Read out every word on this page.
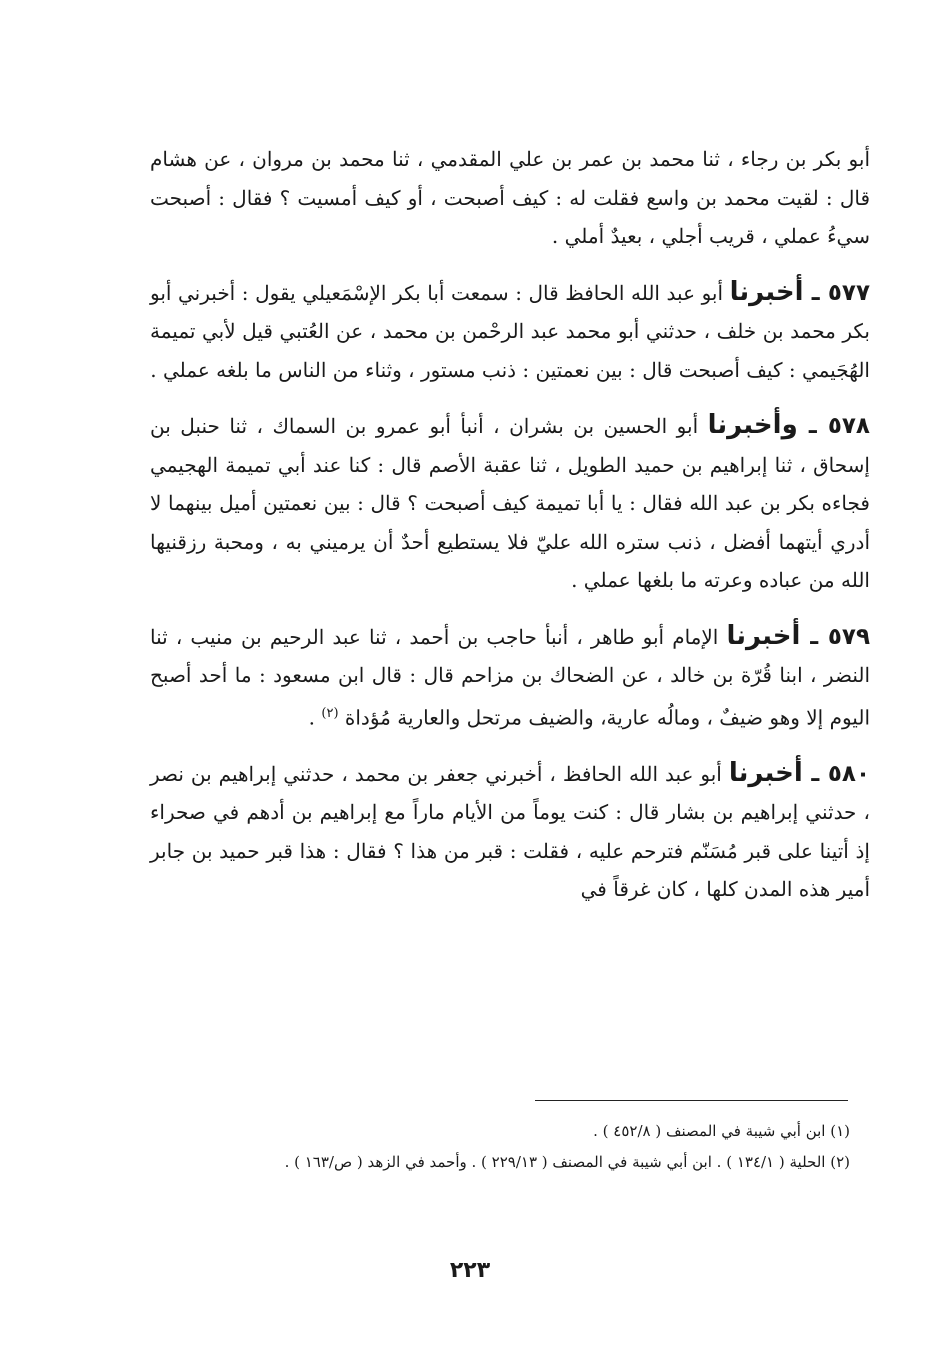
أبو بكر بن رجاء ، ثنا محمد بن عمر بن علي المقدمي ، ثنا محمد بن مروان ، عن هشام قال : لقيت محمد بن واسع فقلت له : كيف أصبحت ، أو كيف أمسيت ؟ فقال : أصبحت سيءُ عملي ، قريب أجلي ، بعيدٌ أملي .

٥٧٧ ـ أخبرنا أبو عبد الله الحافظ قال : سمعت أبا بكر الإسْمَعيلي يقول : أخبرني أبو بكر محمد بن خلف ، حدثني أبو محمد عبد الرحْمن بن محمد ، عن العُتبي قيل لأبي تميمة الهُجَيمي : كيف أصبحت قال : بين نعمتين : ذنب مستور ، وثناء من الناس ما بلغه عملي .

٥٧٨ ـ وأخبرنا أبو الحسين بن بشران ، أنبأ أبو عمرو بن السماك ، ثنا حنبل بن إسحاق ، ثنا إبراهيم بن حميد الطويل ، ثنا عقبة الأصم قال : كنا عند أبي تميمة الهجيمي فجاءه بكر بن عبد الله فقال : يا أبا تميمة كيف أصبحت ؟ قال : بين نعمتين أميل بينهما لا أدري أيتهما أفضل ، ذنب ستره الله عليّ فلا يستطيع أحدٌ أن يرميني به ، ومحبة رزقنيها الله من عباده وعرته ما بلغها عملي .

٥٧٩ ـ أخبرنا الإمام أبو طاهر ، أنبأ حاجب بن أحمد ، ثنا عبد الرحيم بن منيب ، ثنا النضر ، ابنا قُرّة بن خالد ، عن الضحاك بن مزاحم قال : قال ابن مسعود : ما أحد أصبح اليوم إلا وهو ضيفٌ ، ومالُه عارية، والضيف مرتحل والعارية مُؤداة $^{(٢)}$ .

٥٨٠ ـ أخبرنا أبو عبد الله الحافظ ، أخبرني جعفر بن محمد ، حدثني إبراهيم بن نصر ، حدثني إبراهيم بن بشار قال : كنت يوماً من الأيام ماراً مع إبراهيم بن أدهم في صحراء إذ أتينا على قبر مُسَنّم فترحم عليه ، فقلت : قبر من هذا ؟ فقال : هذا قبر حميد بن جابر أمير هذه المدن كلها ، كان غرقاً في

(١) ابن أبي شيبة في المصنف ( ٤٥٢/٨ ) .

(٢) الحلية ( ١٣٤/١ ) . ابن أبي شيبة في المصنف ( ٢٢٩/١٣ ) . وأحمد في الزهد ( ص/١٦٣ ) .

٢٢٣
